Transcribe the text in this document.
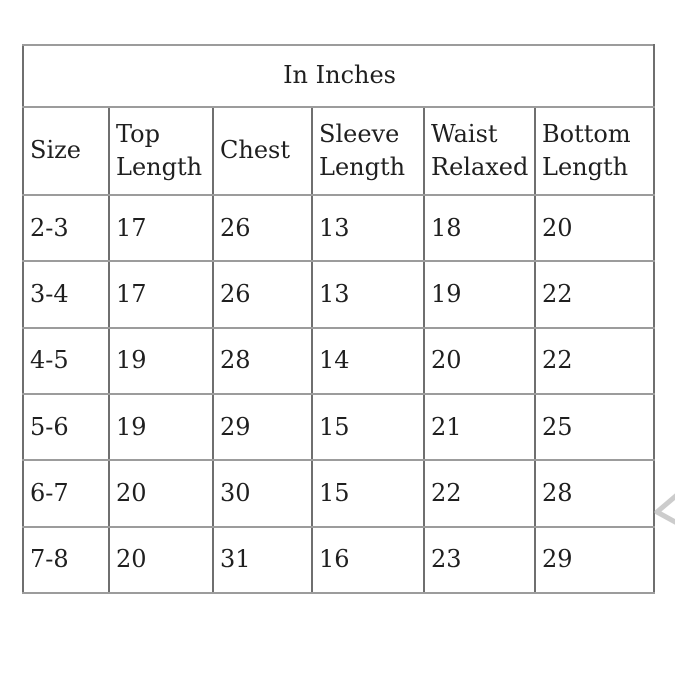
In Inches					
Size	Top Length	Chest	Sleeve Length	Waist Relaxed	Bottom Length
2-3	17	26	13	18	20
3-4	17	26	13	19	22
4-5	19	28	14	20	22
5-6	19	29	15	21	25
6-7	20	30	15	22	28
7-8	20	31	16	23	29
